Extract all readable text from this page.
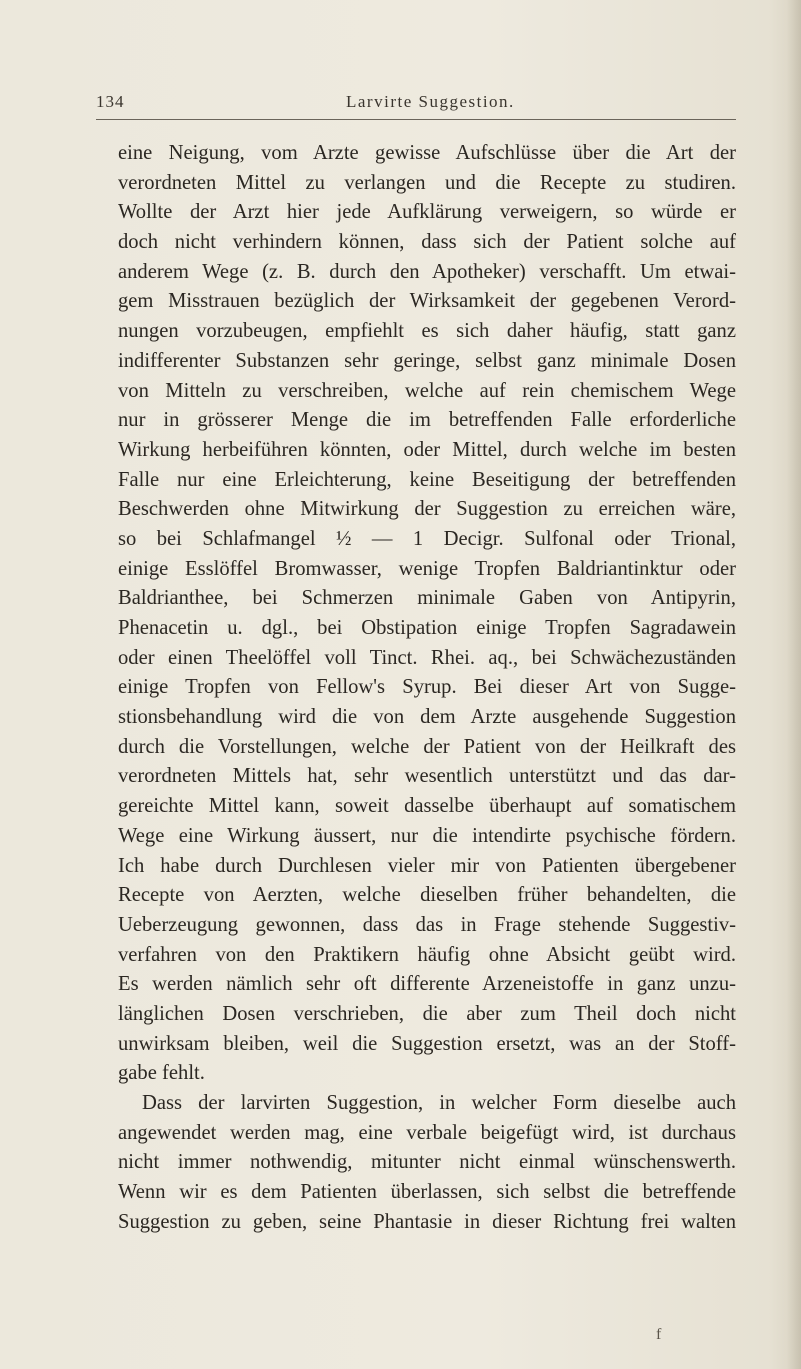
134	Larvirte Suggestion.
eine Neigung, vom Arzte gewisse Aufschlüsse über die Art der
verordneten Mittel zu verlangen und die Recepte zu studiren.
Wollte der Arzt hier jede Aufklärung verweigern, so würde er
doch nicht verhindern können, dass sich der Patient solche auf
anderem Wege (z. B. durch den Apotheker) verschafft. Um etwai-
gem Misstrauen bezüglich der Wirksamkeit der gegebenen Verord-
nungen vorzubeugen, empfiehlt es sich daher häufig, statt ganz
indifferenter Substanzen sehr geringe, selbst ganz minimale Dosen
von Mitteln zu verschreiben, welche auf rein chemischem Wege
nur in grösserer Menge die im betreffenden Falle erforderliche
Wirkung herbeiführen könnten, oder Mittel, durch welche im besten
Falle nur eine Erleichterung, keine Beseitigung der betreffenden
Beschwerden ohne Mitwirkung der Suggestion zu erreichen wäre,
so bei Schlafmangel ½ — 1 Decigr. Sulfonal oder Trional,
einige Esslöffel Bromwasser, wenige Tropfen Baldriantinktur oder
Baldrianthee, bei Schmerzen minimale Gaben von Antipyrin,
Phenacetin u. dgl., bei Obstipation einige Tropfen Sagradawein
oder einen Theelöffel voll Tinct. Rhei. aq., bei Schwächezuständen
einige Tropfen von Fellow's Syrup. Bei dieser Art von Sugge-
stionsbehandlung wird die von dem Arzte ausgehende Suggestion
durch die Vorstellungen, welche der Patient von der Heilkraft des
verordneten Mittels hat, sehr wesentlich unterstützt und das dar-
gereichte Mittel kann, soweit dasselbe überhaupt auf somatischem
Wege eine Wirkung äussert, nur die intendirte psychische fördern.
Ich habe durch Durchlesen vieler mir von Patienten übergebener
Recepte von Aerzten, welche dieselben früher behandelten, die
Ueberzeugung gewonnen, dass das in Frage stehende Suggestiv-
verfahren von den Praktikern häufig ohne Absicht geübt wird.
Es werden nämlich sehr oft differente Arzeneistoffe in ganz unzu-
länglichen Dosen verschrieben, die aber zum Theil doch nicht
unwirksam bleiben, weil die Suggestion ersetzt, was an der Stoff-
gabe fehlt.
Dass der larvirten Suggestion, in welcher Form dieselbe auch
angewendet werden mag, eine verbale beigefügt wird, ist durchaus
nicht immer nothwendig, mitunter nicht einmal wünschenswerth.
Wenn wir es dem Patienten überlassen, sich selbst die betreffende
Suggestion zu geben, seine Phantasie in dieser Richtung frei walten
f
